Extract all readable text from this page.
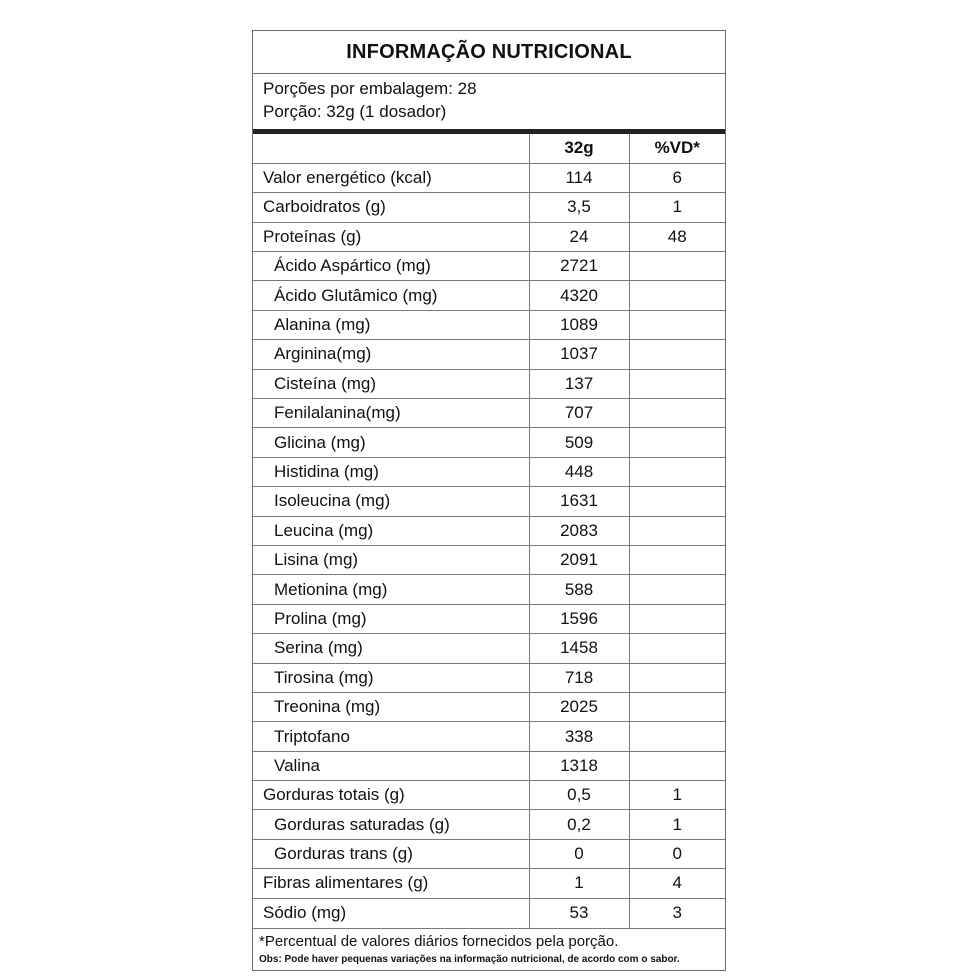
INFORMAÇÃO NUTRICIONAL
Porções por embalagem: 28
Porção: 32g (1 dosador)
	32g	%VD*
Valor energético (kcal)	114	6
Carboidratos (g)	3,5	1
Proteínas (g)	24	48
Ácido Aspártico (mg)	2721	
Ácido Glutâmico (mg)	4320	
Alanina (mg)	1089	
Arginina(mg)	1037	
Cisteína (mg)	137	
Fenilalanina(mg)	707	
Glicina (mg)	509	
Histidina (mg)	448	
Isoleucina (mg)	1631	
Leucina (mg)	2083	
Lisina (mg)	2091	
Metionina (mg)	588	
Prolina (mg)	1596	
Serina (mg)	1458	
Tirosina (mg)	718	
Treonina (mg)	2025	
Triptofano	338	
Valina	1318	
Gorduras totais (g)	0,5	1
Gorduras saturadas (g)	0,2	1
Gorduras trans (g)	0	0
Fibras alimentares (g)	1	4
Sódio (mg)	53	3
*Percentual de valores diários fornecidos pela porção.
Obs: Pode haver pequenas variações na informação nutricional, de acordo com o sabor.
